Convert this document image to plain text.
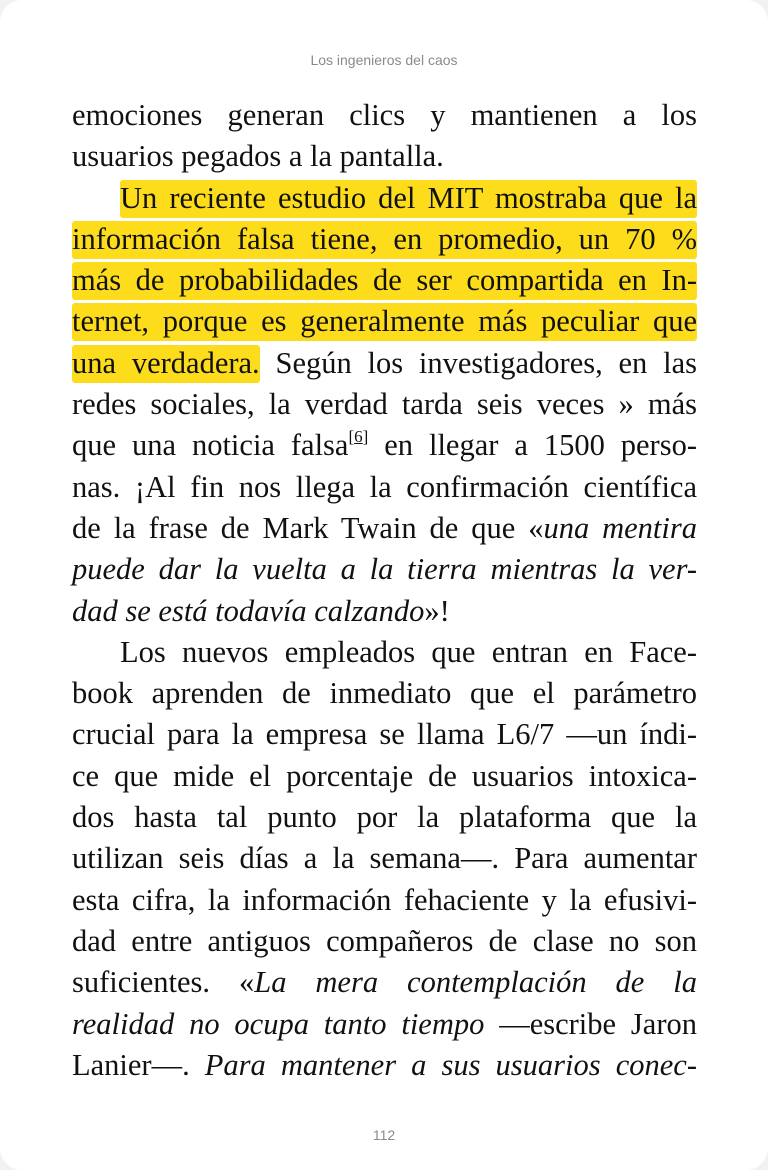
Los ingenieros del caos
emociones generan clics y mantienen a los
usuarios pegados a la pantalla.
Un reciente estudio del MIT mostraba que la
información falsa tiene, en promedio, un 70 %
más de probabilidades de ser compartida en In-
ternet, porque es generalmente más peculiar que
una verdadera. Según los investigadores, en las
redes sociales, la verdad tarda seis veces » más
que una noticia falsa[6] en llegar a 1500 perso-
nas. ¡Al fin nos llega la confirmación científica
de la frase de Mark Twain de que «una mentira
puede dar la vuelta a la tierra mientras la ver-
dad se está todavía calzando»!
Los nuevos empleados que entran en Face-
book aprenden de inmediato que el parámetro
crucial para la empresa se llama L6/7 —un índi-
ce que mide el porcentaje de usuarios intoxica-
dos hasta tal punto por la plataforma que la
utilizan seis días a la semana—. Para aumentar
esta cifra, la información fehaciente y la efusivi-
dad entre antiguos compañeros de clase no son
suficientes. «La mera contemplación de la
realidad no ocupa tanto tiempo —escribe Jaron
Lanier—. Para mantener a sus usuarios conec-
112
